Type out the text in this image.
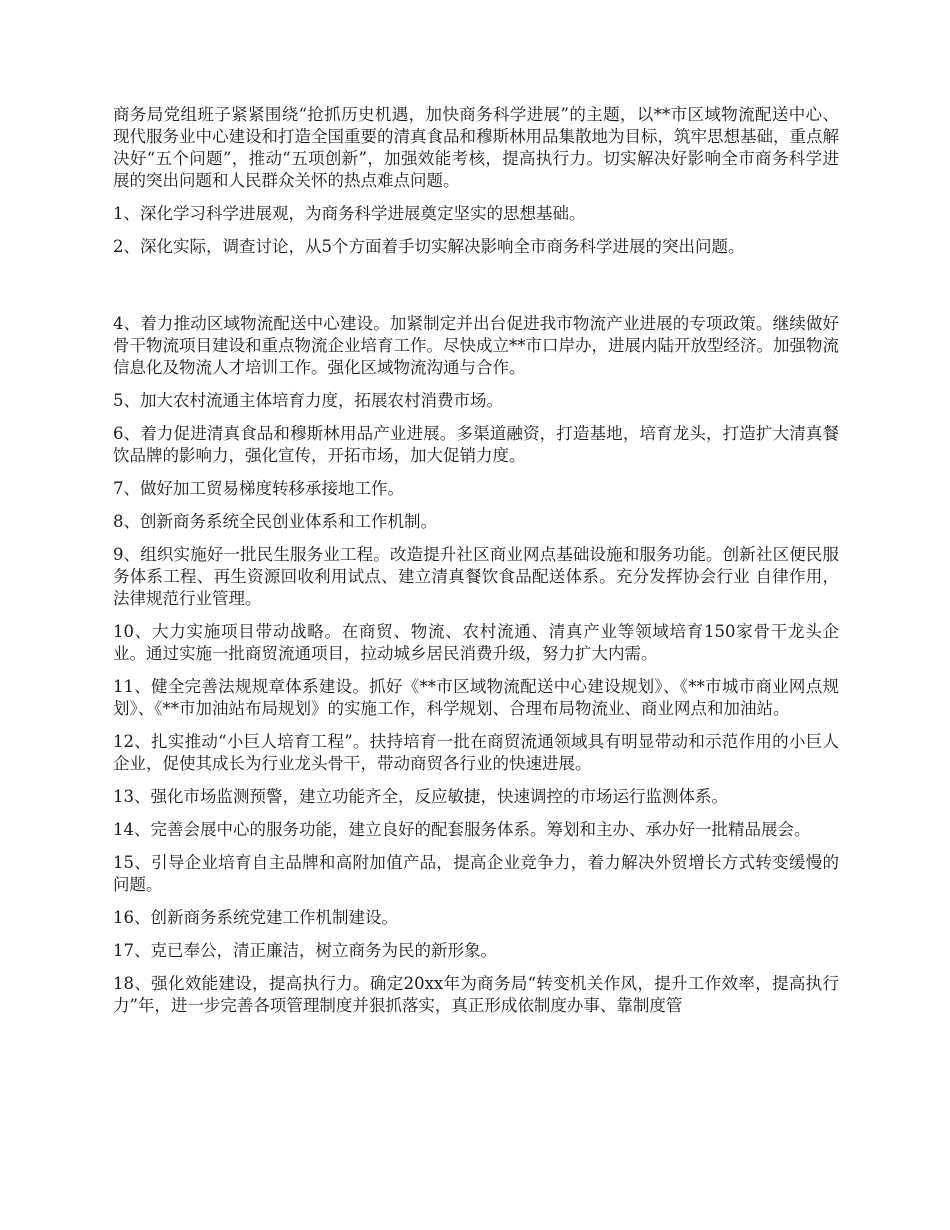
商务局党组班子紧紧围绕“抢抓历史机遇，加快商务科学进展”的主题，以**市区域物流配送中心、现代服务业中心建设和打造全国重要的清真食品和穆斯林用品集散地为目标，筑牢思想基础，重点解决好“五个问题”，推动“五项创新”，加强效能考核，提高执行力。切实解决好影响全市商务科学进展的突出问题和人民群众关怀的热点难点问题。

1、深化学习科学进展观，为商务科学进展奠定坚实的思想基础。

2、深化实际，调查讨论，从5个方面着手切实解决影响全市商务科学进展的突出问题。

4、着力推动区域物流配送中心建设。加紧制定并出台促进我市物流产业进展的专项政策。继续做好骨干物流项目建设和重点物流企业培育工作。尽快成立**市口岸办，进展内陆开放型经济。加强物流信息化及物流人才培训工作。强化区域物流沟通与合作。

5、加大农村流通主体培育力度，拓展农村消费市场。

6、着力促进清真食品和穆斯林用品产业进展。多渠道融资，打造基地，培育龙头，打造扩大清真餐饮品牌的影响力，强化宣传，开拓市场，加大促销力度。

7、做好加工贸易梯度转移承接地工作。

8、创新商务系统全民创业体系和工作机制。

9、组织实施好一批民生服务业工程。改造提升社区商业网点基础设施和服务功能。创新社区便民服务体系工程、再生资源回收利用试点、建立清真餐饮食品配送体系。充分发挥协会行业 自律作用，法律规范行业管理。

10、大力实施项目带动战略。在商贸、物流、农村流通、清真产业等领域培育150家骨干龙头企业。通过实施一批商贸流通项目，拉动城乡居民消费升级，努力扩大内需。

11、健全完善法规规章体系建设。抓好《**市区域物流配送中心建设规划》、《**市城市商业网点规划》、《**市加油站布局规划》的实施工作，科学规划、合理布局物流业、商业网点和加油站。

12、扎实推动“小巨人培育工程”。扶持培育一批在商贸流通领域具有明显带动和示范作用的小巨人企业，促使其成长为行业龙头骨干，带动商贸各行业的快速进展。

13、强化市场监测预警，建立功能齐全，反应敏捷，快速调控的市场运行监测体系。

14、完善会展中心的服务功能，建立良好的配套服务体系。筹划和主办、承办好一批精品展会。

15、引导企业培育自主品牌和高附加值产品，提高企业竞争力，着力解决外贸增长方式转变缓慢的问题。

16、创新商务系统党建工作机制建设。

17、克已奉公，清正廉洁，树立商务为民的新形象。

18、强化效能建设，提高执行力。确定20xx年为商务局“转变机关作风，提升工作效率，提高执行力”年，进一步完善各项管理制度并狠抓落实，真正形成依制度办事、靠制度管
